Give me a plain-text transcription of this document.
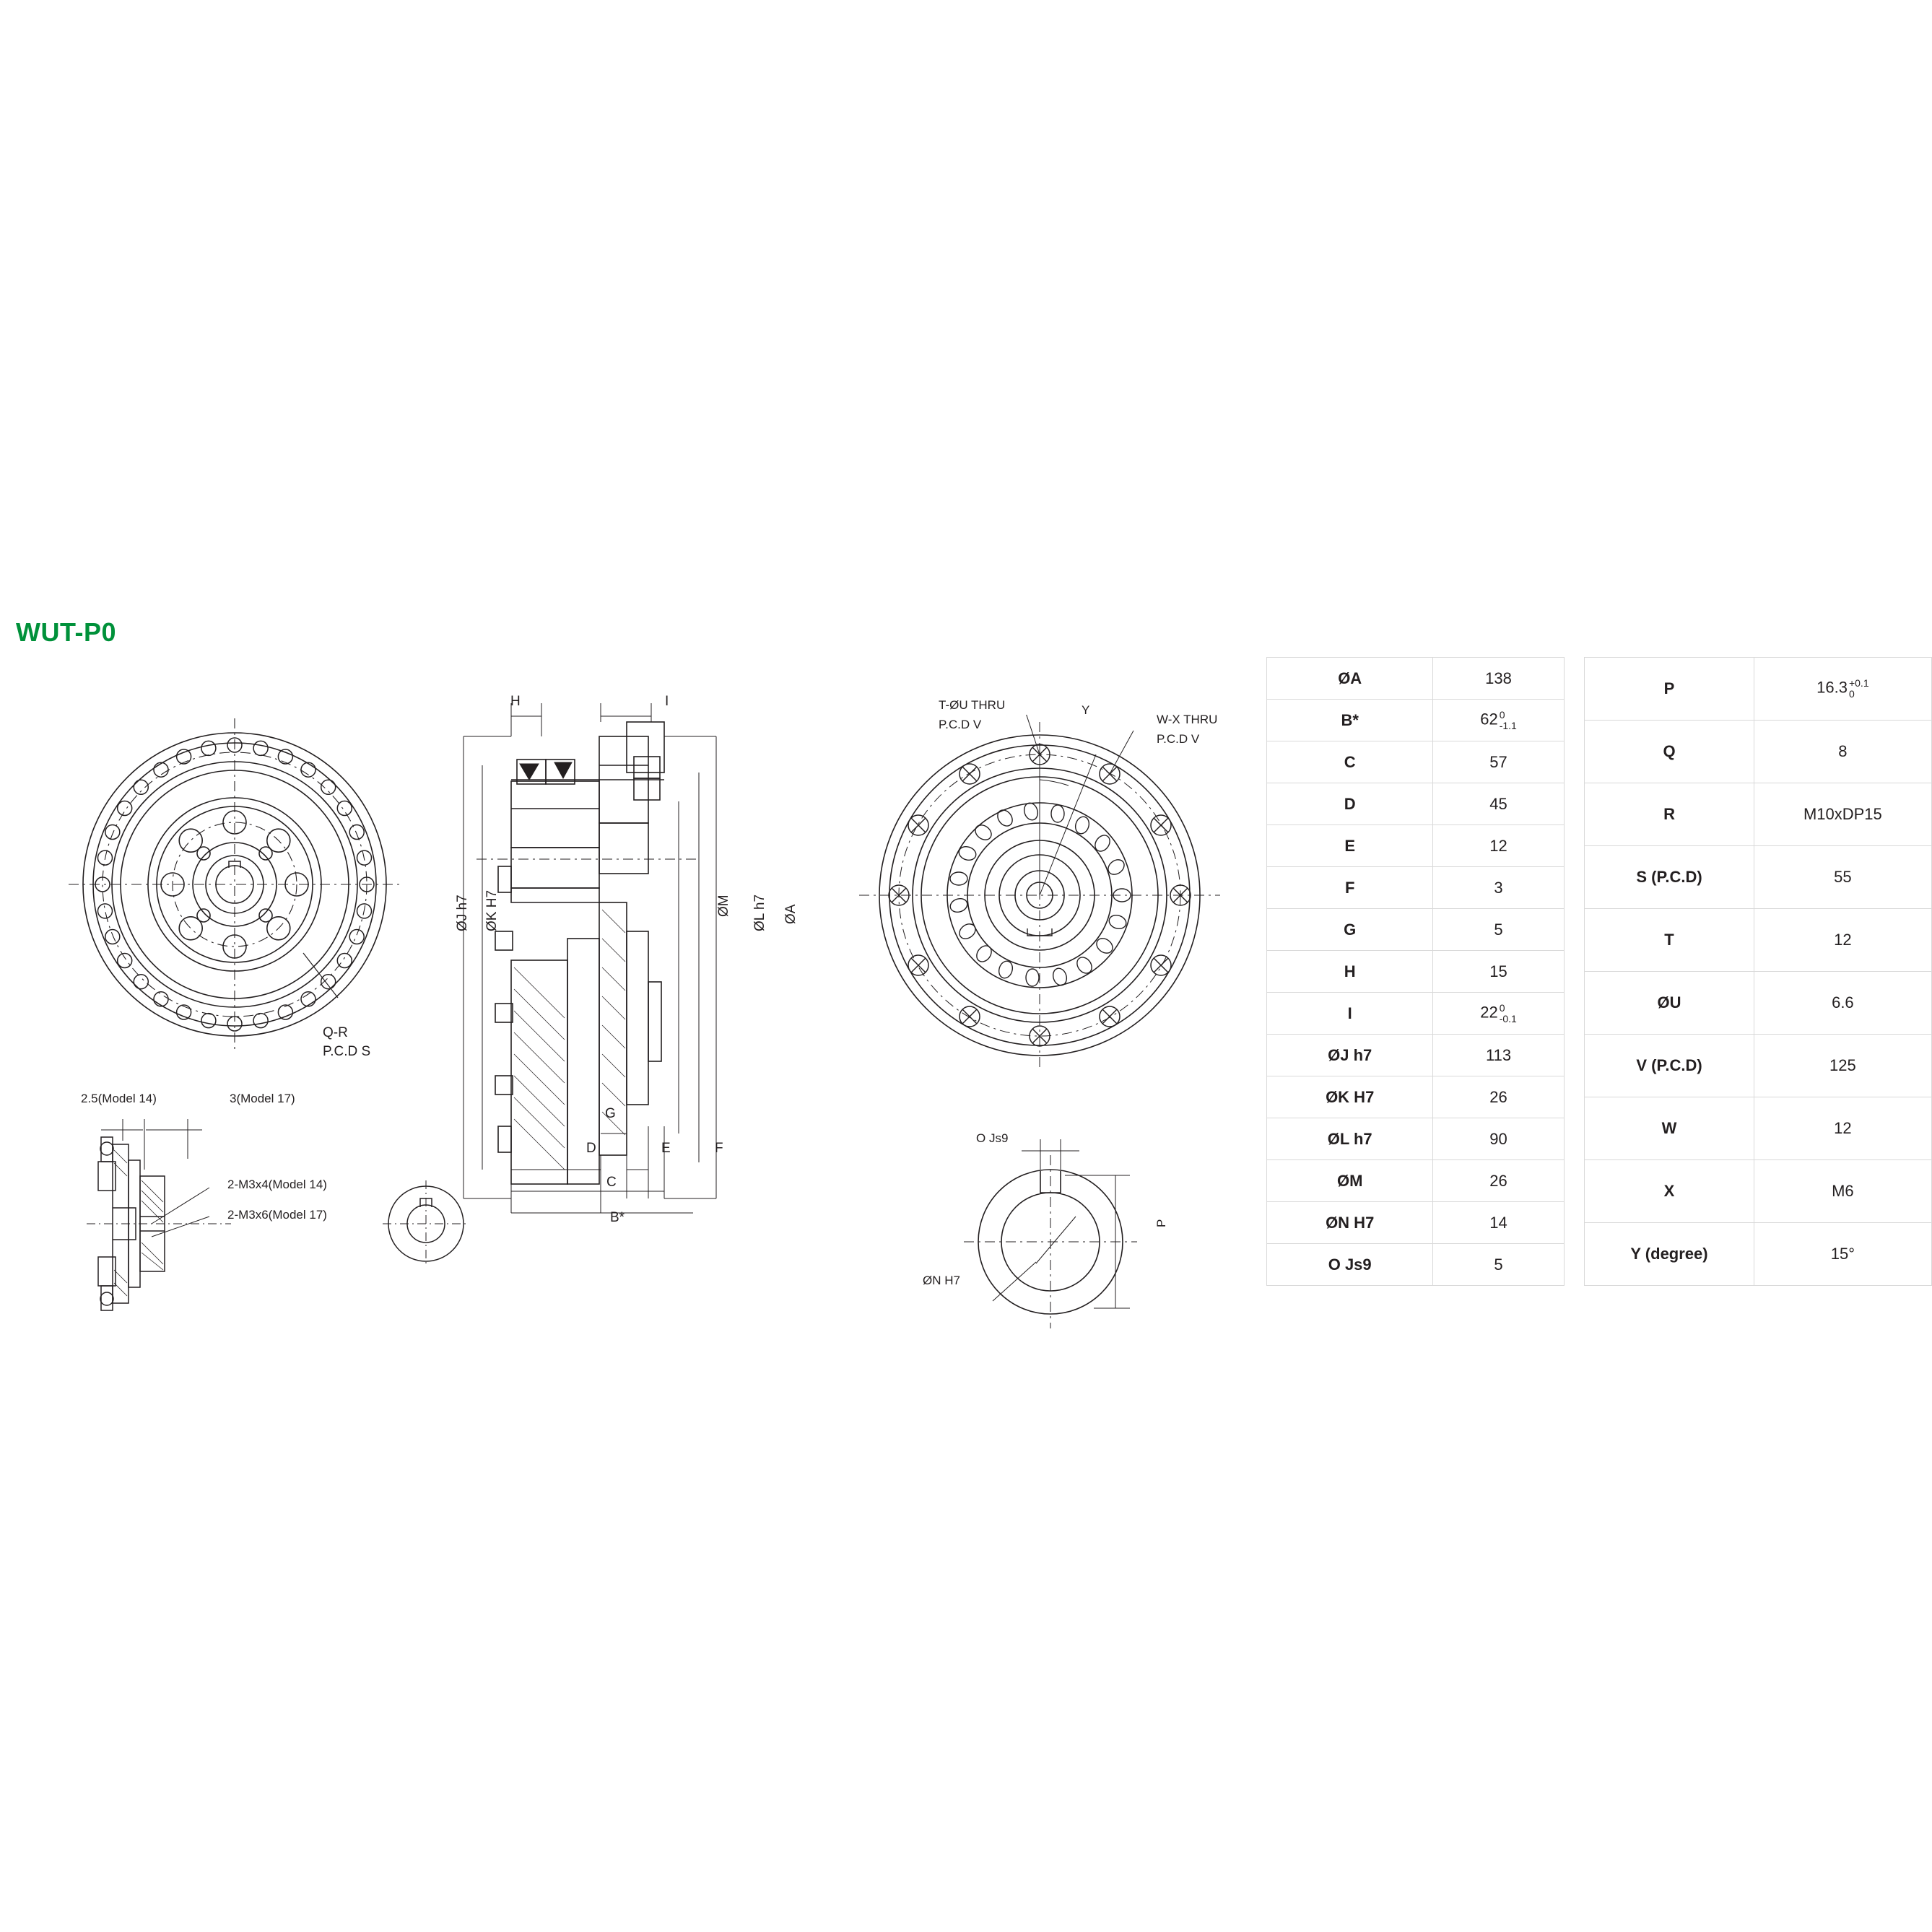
WUT-P0
Q-R
P.C.D S
2.5(Model 14)	3(Model 17)
2-M3x4(Model 14)
2-M3x6(Model 17)
H	I
ØJ h7 ØK H7	ØM ØL h7 ØA
G
D	E	F
C
B*
T-ØU THRU
P.C.D V
Y
W-X THRU
P.C.D V
O Js9
ØN H7
P
ØA	138
B*	62 0
-1.1

C	57
D	45
E	12
F	3
G	5
H	15
I	22 0
-0.1

ØJ h7	113
ØK H7	26
ØL h7	90
ØM	26
ØN H7	14
O Js9	5
P	16.3 +0.1
0

Q	8
R	M10xDP15
S (P.C.D)	55
T	12
ØU	6.6
V (P.C.D)	125
W	12
X	M6
Y (degree)	15°
